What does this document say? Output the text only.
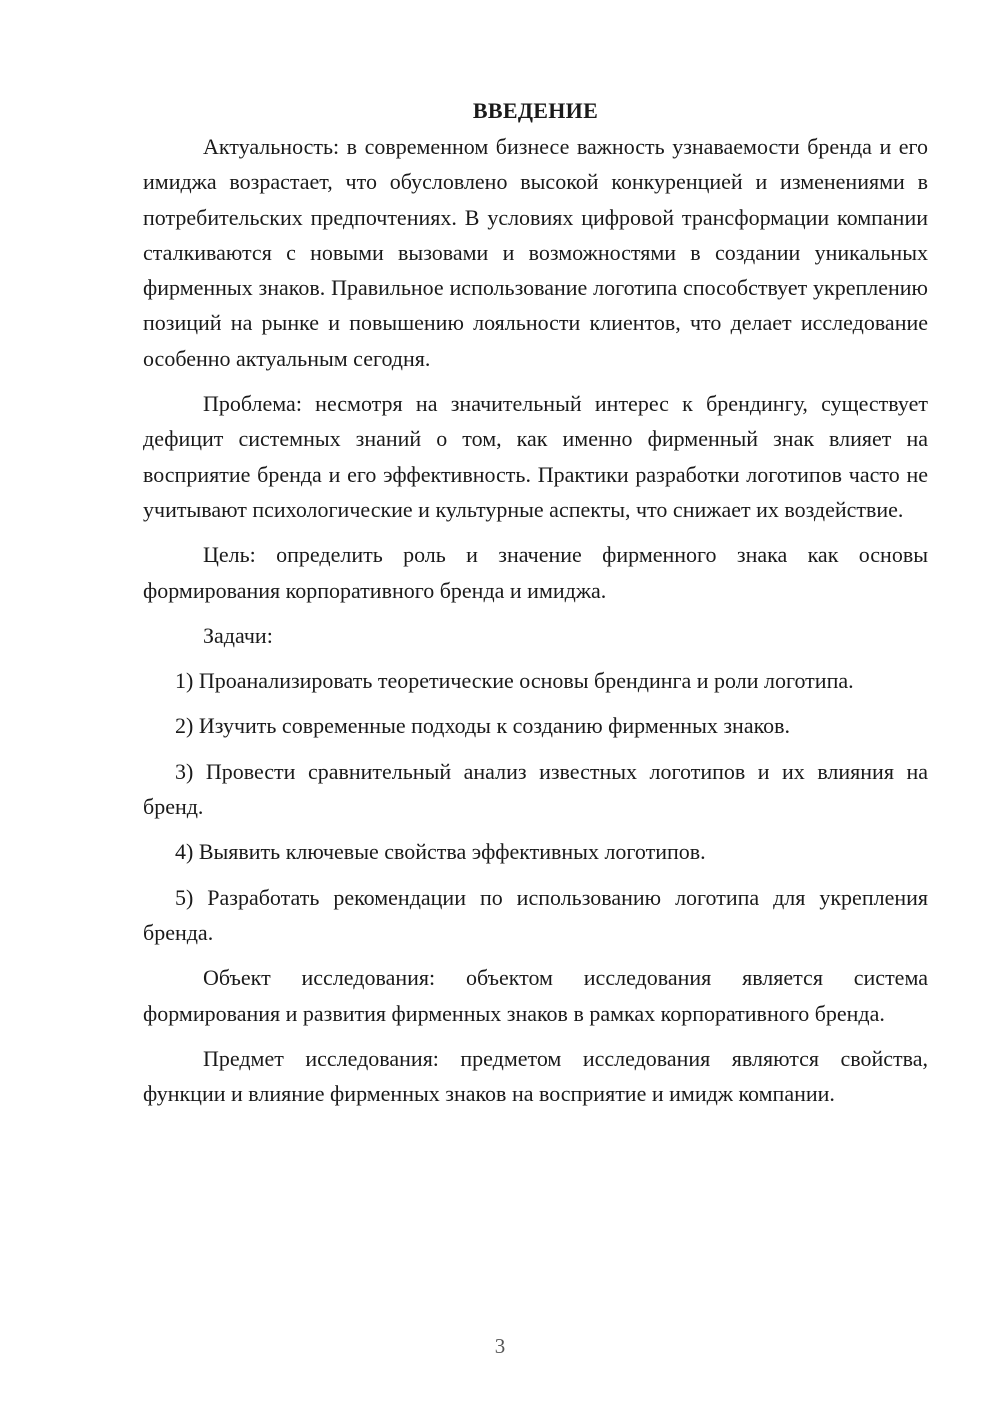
ВВЕДЕНИЕ

Актуальность: в современном бизнесе важность узнаваемости бренда и его имиджа возрастает, что обусловлено высокой конкуренцией и изменениями в потребительских предпочтениях. В условиях цифровой трансформации компании сталкиваются с новыми вызовами и возможностями в создании уникальных фирменных знаков. Правильное использование логотипа способствует укреплению позиций на рынке и повышению лояльности клиентов, что делает исследование особенно актуальным сегодня.

Проблема: несмотря на значительный интерес к брендингу, существует дефицит системных знаний о том, как именно фирменный знак влияет на восприятие бренда и его эффективность. Практики разработки логотипов часто не учитывают психологические и культурные аспекты, что снижает их воздействие.

Цель: определить роль и значение фирменного знака как основы формирования корпоративного бренда и имиджа.

Задачи:

1) Проанализировать теоретические основы брендинга и роли логотипа.

2) Изучить современные подходы к созданию фирменных знаков.

3) Провести сравнительный анализ известных логотипов и их влияния на бренд.

4) Выявить ключевые свойства эффективных логотипов.

5) Разработать рекомендации по использованию логотипа для укрепления бренда.

Объект исследования: объектом исследования является система формирования и развития фирменных знаков в рамках корпоративного бренда.

Предмет исследования: предметом исследования являются свойства, функции и влияние фирменных знаков на восприятие и имидж компании.

3
